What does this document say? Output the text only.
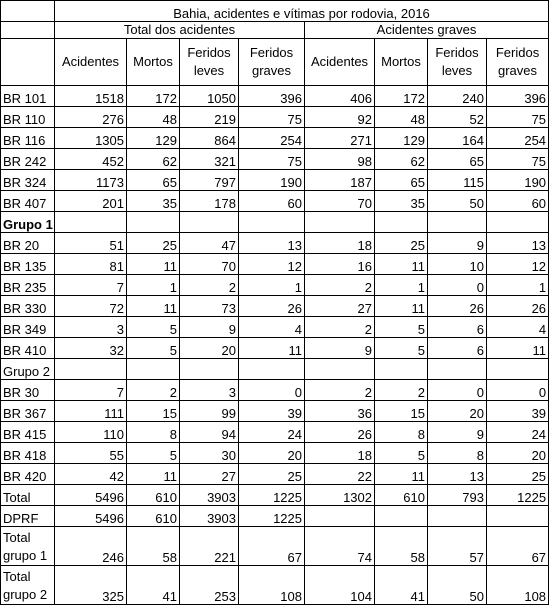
	Bahia, acidentes e vítimas por rodovia, 2016							
	Total dos acidentes				Acidentes graves			
	Acidentes	Mortos	Feridos leves	Feridos graves	Acidentes	Mortos	Feridos leves	Feridos graves
BR 101	1518	172	1050	396	406	172	240	396
BR 110	276	48	219	75	92	48	52	75
BR 116	1305	129	864	254	271	129	164	254
BR 242	452	62	321	75	98	62	65	75
BR 324	1173	65	797	190	187	65	115	190
BR 407	201	35	178	60	70	35	50	60
Grupo 1								
BR 20	51	25	47	13	18	25	9	13
BR 135	81	11	70	12	16	11	10	12
BR 235	7	1	2	1	2	1	0	1
BR 330	72	11	73	26	27	11	26	26
BR 349	3	5	9	4	2	5	6	4
BR 410	32	5	20	11	9	5	6	11
Grupo 2								
BR 30	7	2	3	0	2	2	0	0
BR 367	111	15	99	39	36	15	20	39
BR 415	110	8	94	24	26	8	9	24
BR 418	55	5	30	20	18	5	8	20
BR 420	42	11	27	25	22	11	13	25
Total	5496	610	3903	1225	1302	610	793	1225
DPRF	5496	610	3903	1225				
Total grupo 1	246	58	221	67	74	58	57	67
Total grupo 2	325	41	253	108	104	41	50	108
